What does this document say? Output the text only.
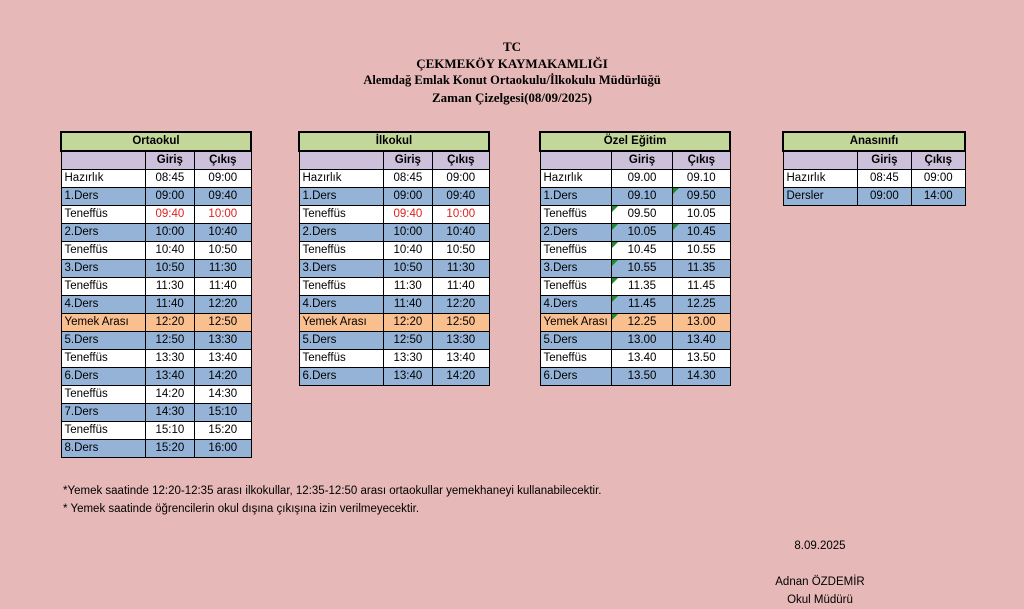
TC
ÇEKMEKÖY KAYMAKAMLIĞI
Alemdağ Emlak Konut Ortaokulu/İlkokulu Müdürlüğü
Zaman Çizelgesi(08/09/2025)
Ortaokul		
	Giriş	Çıkış
Hazırlık	08:45	09:00
1.Ders	09:00	09:40
Teneffüs	09:40	10:00
2.Ders	10:00	10:40
Teneffüs	10:40	10:50
3.Ders	10:50	11:30
Teneffüs	11:30	11:40
4.Ders	11:40	12:20
Yemek Arası	12:20	12:50
5.Ders	12:50	13:30
Teneffüs	13:30	13:40
6.Ders	13:40	14:20
Teneffüs	14:20	14:30
7.Ders	14:30	15:10
Teneffüs	15:10	15:20
8.Ders	15:20	16:00
İlkokul		
	Giriş	Çıkış
Hazırlık	08:45	09:00
1.Ders	09:00	09:40
Teneffüs	09:40	10:00
2.Ders	10:00	10:40
Teneffüs	10:40	10:50
3.Ders	10:50	11:30
Teneffüs	11:30	11:40
4.Ders	11:40	12:20
Yemek Arası	12:20	12:50
5.Ders	12:50	13:30
Teneffüs	13:30	13:40
6.Ders	13:40	14:20
Özel Eğitim		
	Giriş	Çıkış
Hazırlık	09.00	09.10
1.Ders	09.10	09.50
Teneffüs	09.50	10.05
2.Ders	10.05	10.45
Teneffüs	10.45	10.55
3.Ders	10.55	11.35
Teneffüs	11.35	11.45
4.Ders	11.45	12.25
Yemek Arası	12.25	13.00
5.Ders	13.00	13.40
Teneffüs	13.40	13.50
6.Ders	13.50	14.30
Anasınıfı		
	Giriş	Çıkış
Hazırlık	08:45	09:00
Dersler	09:00	14:00
*Yemek saatinde 12:20-12:35 arası ilkokullar, 12:35-12:50 arası ortaokullar yemekhaneyi kullanabilecektir.
* Yemek saatinde öğrencilerin okul dışına çıkışına izin verilmeyecektir.
8.09.2025
Adnan ÖZDEMİR
Okul Müdürü
